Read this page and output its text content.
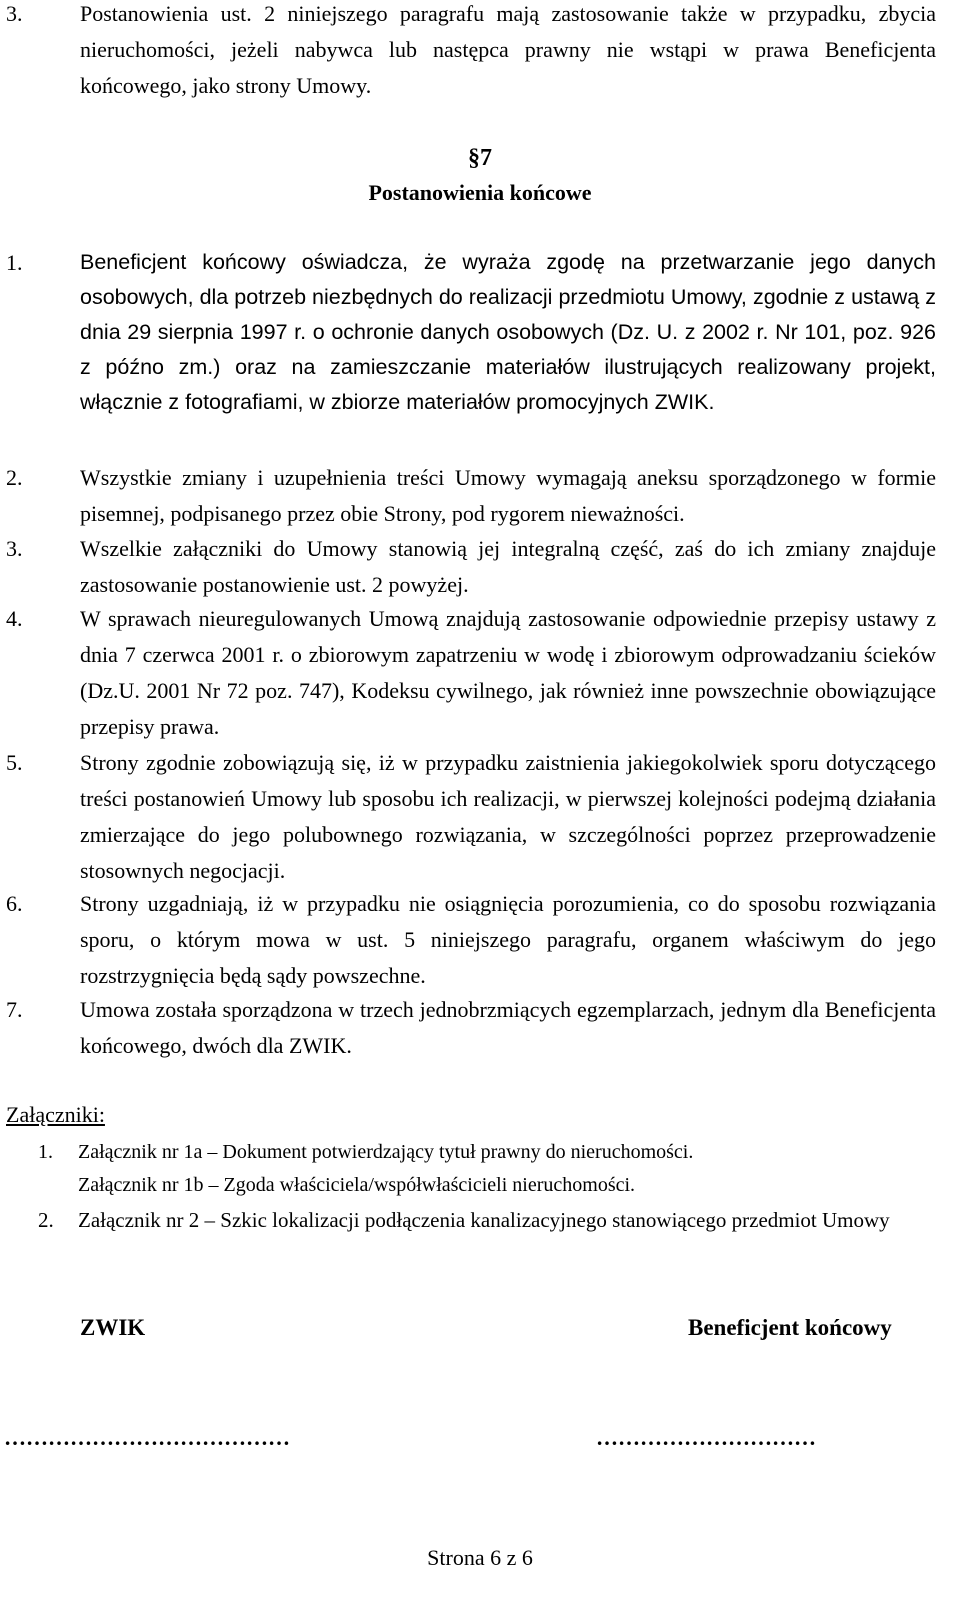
3.	Postanowienia ust. 2 niniejszego paragrafu mają zastosowanie także w przypadku, zbycia nieruchomości, jeżeli nabywca lub następca prawny nie wstąpi w prawa Beneficjenta końcowego, jako strony Umowy.
§7
Postanowienia końcowe
1.	Beneficjent końcowy oświadcza, że wyraża zgodę na przetwarzanie jego danych osobowych, dla potrzeb niezbędnych do realizacji przedmiotu Umowy, zgodnie z ustawą z dnia 29 sierpnia 1997 r. o ochronie danych osobowych (Dz. U. z 2002 r. Nr 101, poz. 926 z późno zm.) oraz na zamieszczanie materiałów ilustrujących realizowany projekt, włącznie z fotografiami, w zbiorze materiałów promocyjnych ZWIK.
2.	Wszystkie zmiany i uzupełnienia treści Umowy wymagają aneksu sporządzonego w formie pisemnej, podpisanego przez obie Strony, pod rygorem nieważności.
3.	Wszelkie załączniki do Umowy stanowią jej integralną część, zaś do ich zmiany znajduje zastosowanie postanowienie ust. 2 powyżej.
4.	W sprawach nieuregulowanych Umową znajdują zastosowanie odpowiednie przepisy ustawy z dnia 7 czerwca 2001 r. o zbiorowym zapatrzeniu w wodę i zbiorowym odprowadzaniu ścieków (Dz.U. 2001 Nr 72 poz. 747), Kodeksu cywilnego, jak również inne powszechnie obowiązujące przepisy prawa.
5.	Strony zgodnie zobowiązują się, iż w przypadku zaistnienia jakiegokolwiek sporu dotyczącego treści postanowień Umowy lub sposobu ich realizacji, w pierwszej kolejności podejmą działania zmierzające do jego polubownego rozwiązania, w szczególności poprzez przeprowadzenie stosownych negocjacji.
6.	Strony uzgadniają, iż w przypadku nie osiągnięcia porozumienia, co do sposobu rozwiązania sporu, o którym mowa w ust. 5 niniejszego paragrafu, organem właściwym do jego rozstrzygnięcia będą sądy powszechne.
7.	Umowa została sporządzona w trzech jednobrzmiących egzemplarzach, jednym dla Beneficjenta końcowego, dwóch dla ZWIK.
Załączniki:
1.	Załącznik nr 1a – Dokument potwierdzający tytuł prawny do nieruchomości.
Załącznik nr 1b – Zgoda właściciela/współwłaścicieli nieruchomości.
2.	Załącznik nr 2 – Szkic lokalizacji podłączenia kanalizacyjnego stanowiącego przedmiot Umowy
ZWIK	Beneficjent końcowy
…………………………………	…………………………
Strona 6 z 6
